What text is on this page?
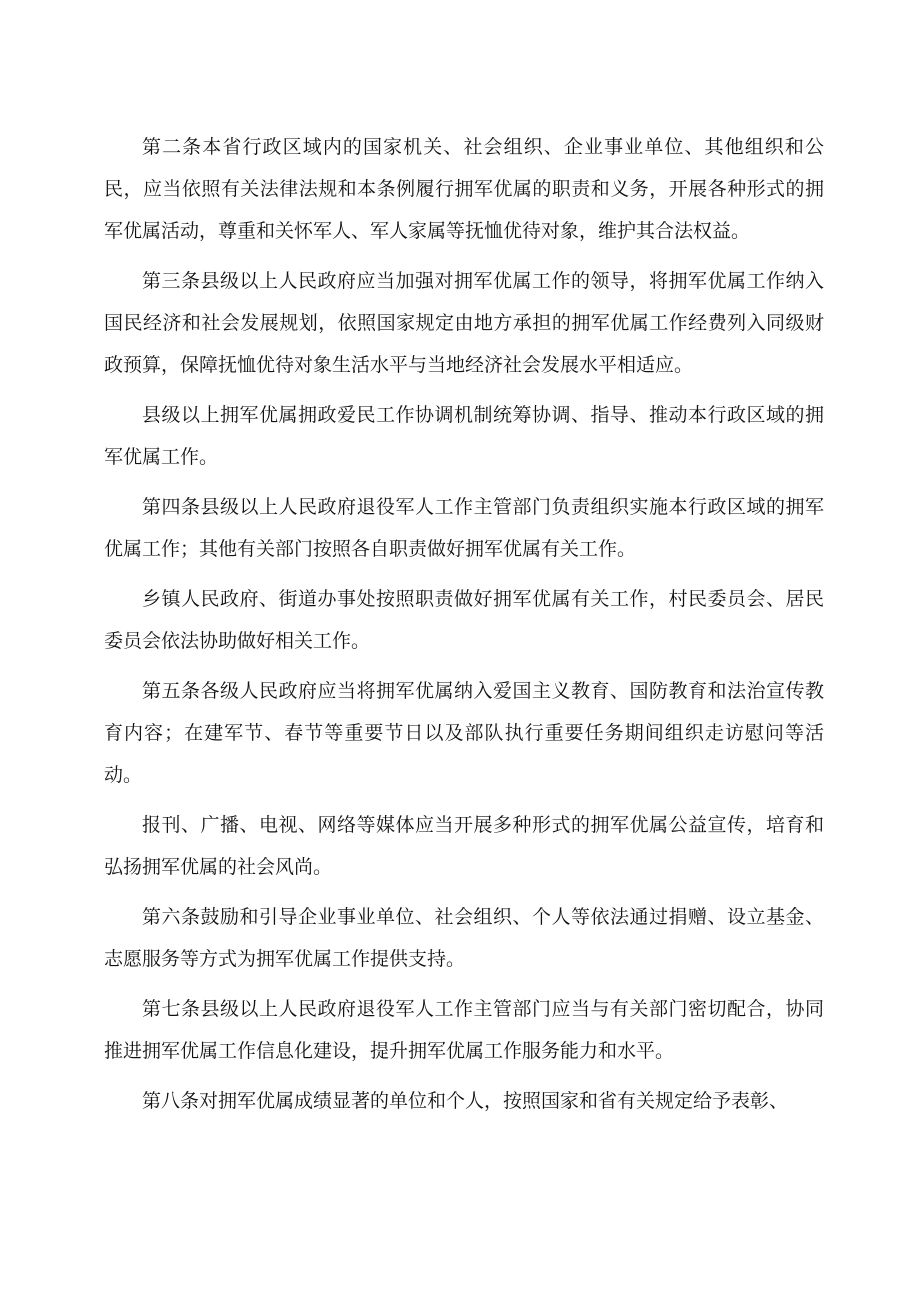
第二条本省行政区域内的国家机关、社会组织、企业事业单位、其他组织和公民，应当依照有关法律法规和本条例履行拥军优属的职责和义务，开展各种形式的拥军优属活动，尊重和关怀军人、军人家属等抚恤优待对象，维护其合法权益。

第三条县级以上人民政府应当加强对拥军优属工作的领导，将拥军优属工作纳入国民经济和社会发展规划，依照国家规定由地方承担的拥军优属工作经费列入同级财政预算，保障抚恤优待对象生活水平与当地经济社会发展水平相适应。

县级以上拥军优属拥政爱民工作协调机制统筹协调、指导、推动本行政区域的拥军优属工作。

第四条县级以上人民政府退役军人工作主管部门负责组织实施本行政区域的拥军优属工作；其他有关部门按照各自职责做好拥军优属有关工作。

乡镇人民政府、街道办事处按照职责做好拥军优属有关工作，村民委员会、居民委员会依法协助做好相关工作。

第五条各级人民政府应当将拥军优属纳入爱国主义教育、国防教育和法治宣传教育内容；在建军节、春节等重要节日以及部队执行重要任务期间组织走访慰问等活动。

报刊、广播、电视、网络等媒体应当开展多种形式的拥军优属公益宣传，培育和弘扬拥军优属的社会风尚。

第六条鼓励和引导企业事业单位、社会组织、个人等依法通过捐赠、设立基金、志愿服务等方式为拥军优属工作提供支持。

第七条县级以上人民政府退役军人工作主管部门应当与有关部门密切配合，协同推进拥军优属工作信息化建设，提升拥军优属工作服务能力和水平。

第八条对拥军优属成绩显著的单位和个人，按照国家和省有关规定给予表彰、
